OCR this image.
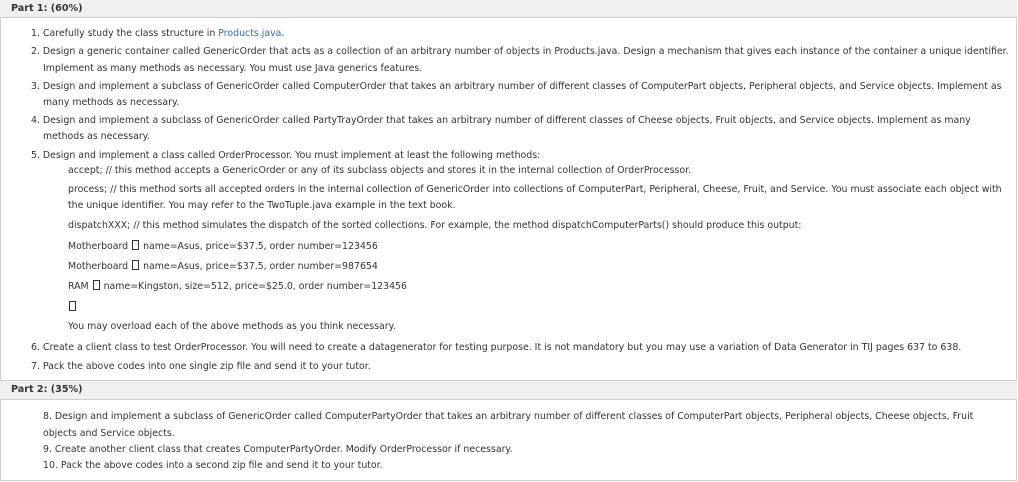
Part 1: (60%)
1. Carefully study the class structure in Products.java.
2. Design a generic container called GenericOrder that acts as a collection of an arbitrary number of objects in Products.java. Design a mechanism that gives each instance of the container a unique identifier.
Implement as many methods as necessary. You must use Java generics features.
3. Design and implement a subclass of GenericOrder called ComputerOrder that takes an arbitrary number of different classes of ComputerPart objects, Peripheral objects, and Service objects. Implement as
many methods as necessary.
4. Design and implement a subclass of GenericOrder called PartyTrayOrder that takes an arbitrary number of different classes of Cheese objects, Fruit objects, and Service objects. Implement as many
methods as necessary.
5. Design and implement a class called OrderProcessor. You must implement at least the following methods:
accept; // this method accepts a GenericOrder or any of its subclass objects and stores it in the internal collection of OrderProcessor.
process; // this method sorts all accepted orders in the internal collection of GenericOrder into collections of ComputerPart, Peripheral, Cheese, Fruit, and Service. You must associate each object with
the unique identifier. You may refer to the TwoTuple.java example in the text book.
dispatchXXX; // this method simulates the dispatch of the sorted collections. For example, the method dispatchComputerParts() should produce this output:
Motherboard name=Asus, price=$37.5, order number=123456
Motherboard name=Asus, price=$37.5, order number=987654
RAM name=Kingston, size=512, price=$25.0, order number=123456
You may overload each of the above methods as you think necessary.
6. Create a client class to test OrderProcessor. You will need to create a datagenerator for testing purpose. It is not mandatory but you may use a variation of Data Generator in TIJ pages 637 to 638.
7. Pack the above codes into one single zip file and send it to your tutor.
Part 2: (35%)
8. Design and implement a subclass of GenericOrder called ComputerPartyOrder that takes an arbitrary number of different classes of ComputerPart objects, Peripheral objects, Cheese objects, Fruit
objects and Service objects.
9. Create another client class that creates ComputerPartyOrder. Modify OrderProcessor if necessary.
10. Pack the above codes into a second zip file and send it to your tutor.
